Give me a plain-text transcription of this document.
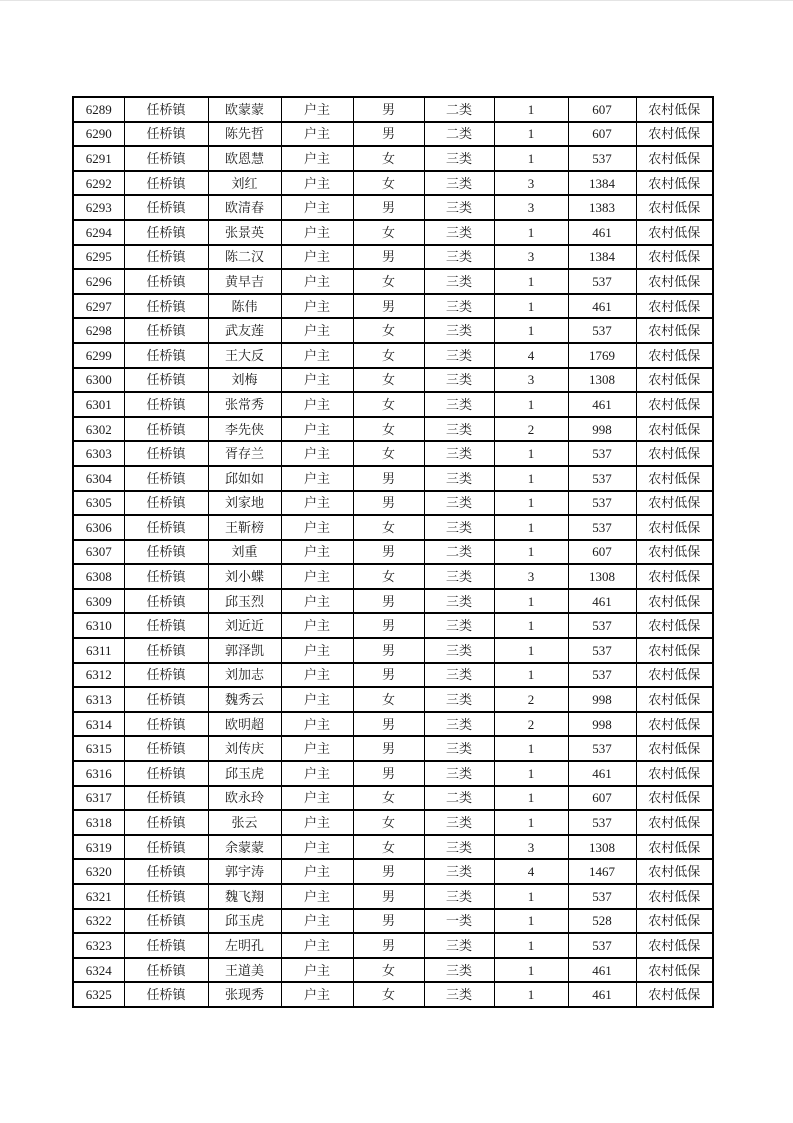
6289	任桥镇	欧蒙蒙	户主	男	二类	1	607	农村低保
6290	任桥镇	陈先哲	户主	男	二类	1	607	农村低保
6291	任桥镇	欧恩慧	户主	女	三类	1	537	农村低保
6292	任桥镇	刘红	户主	女	三类	3	1384	农村低保
6293	任桥镇	欧清春	户主	男	三类	3	1383	农村低保
6294	任桥镇	张景英	户主	女	三类	1	461	农村低保
6295	任桥镇	陈二汉	户主	男	三类	3	1384	农村低保
6296	任桥镇	黄早吉	户主	女	三类	1	537	农村低保
6297	任桥镇	陈伟	户主	男	三类	1	461	农村低保
6298	任桥镇	武友莲	户主	女	三类	1	537	农村低保
6299	任桥镇	王大反	户主	女	三类	4	1769	农村低保
6300	任桥镇	刘梅	户主	女	三类	3	1308	农村低保
6301	任桥镇	张常秀	户主	女	三类	1	461	农村低保
6302	任桥镇	李先侠	户主	女	三类	2	998	农村低保
6303	任桥镇	胥存兰	户主	女	三类	1	537	农村低保
6304	任桥镇	邱如如	户主	男	三类	1	537	农村低保
6305	任桥镇	刘家地	户主	男	三类	1	537	农村低保
6306	任桥镇	王靳榜	户主	女	三类	1	537	农村低保
6307	任桥镇	刘重	户主	男	二类	1	607	农村低保
6308	任桥镇	刘小蝶	户主	女	三类	3	1308	农村低保
6309	任桥镇	邱玉烈	户主	男	三类	1	461	农村低保
6310	任桥镇	刘近近	户主	男	三类	1	537	农村低保
6311	任桥镇	郭泽凯	户主	男	三类	1	537	农村低保
6312	任桥镇	刘加志	户主	男	三类	1	537	农村低保
6313	任桥镇	魏秀云	户主	女	三类	2	998	农村低保
6314	任桥镇	欧明超	户主	男	三类	2	998	农村低保
6315	任桥镇	刘传庆	户主	男	三类	1	537	农村低保
6316	任桥镇	邱玉虎	户主	男	三类	1	461	农村低保
6317	任桥镇	欧永玲	户主	女	二类	1	607	农村低保
6318	任桥镇	张云	户主	女	三类	1	537	农村低保
6319	任桥镇	余蒙蒙	户主	女	三类	3	1308	农村低保
6320	任桥镇	郭宇涛	户主	男	三类	4	1467	农村低保
6321	任桥镇	魏飞翔	户主	男	三类	1	537	农村低保
6322	任桥镇	邱玉虎	户主	男	一类	1	528	农村低保
6323	任桥镇	左明孔	户主	男	三类	1	537	农村低保
6324	任桥镇	王道美	户主	女	三类	1	461	农村低保
6325	任桥镇	张现秀	户主	女	三类	1	461	农村低保
